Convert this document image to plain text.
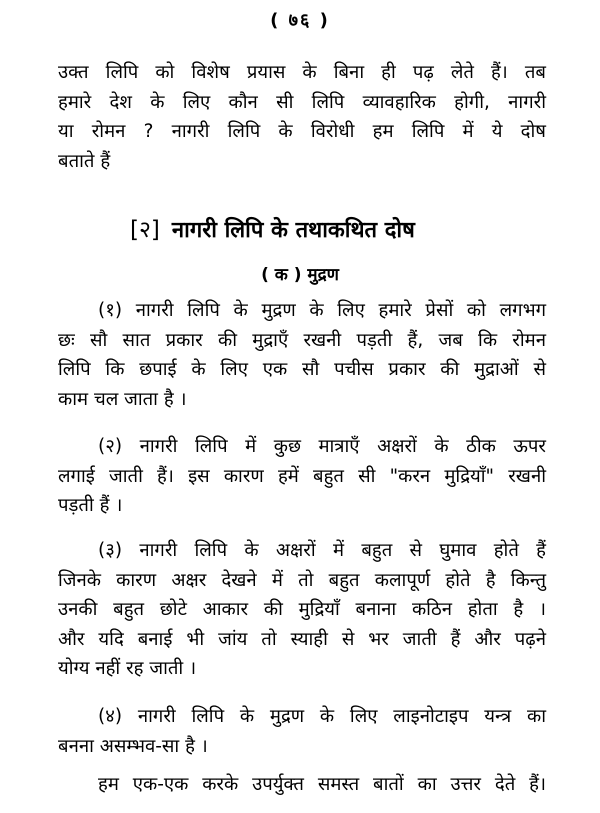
( ७६ )
उक्त लिपि को विशेष प्रयास के बिना ही पढ़ लेते हैं। तब
हमारे देश के लिए कौन सी लिपि व्यावहारिक होगी, नागरी
या रोमन ? नागरी लिपि के विरोधी हम लिपि में ये दोष
बताते हैं
[२] नागरी लिपि के तथाकथित दोष
( क ) मुद्रण
(१) नागरी लिपि के मुद्रण के लिए हमारे प्रेसों को लगभग
छः सौ सात प्रकार की मुद्राएँ रखनी पड़ती हैं, जब कि रोमन
लिपि कि छपाई के लिए एक सौ पचीस प्रकार की मुद्राओं से
काम चल जाता है ।
(२) नागरी लिपि में कुछ मात्राएँ अक्षरों के ठीक ऊपर
लगाई जाती हैं। इस कारण हमें बहुत सी "करन मुद्रियाँ" रखनी
पड़ती हैं ।
(३) नागरी लिपि के अक्षरों में बहुत से घुमाव होते हैं
जिनके कारण अक्षर देखने में तो बहुत कलापूर्ण होते है किन्तु
उनकी बहुत छोटे आकार की मुद्रियाँ बनाना कठिन होता है ।
और यदि बनाई भी जांय तो स्याही से भर जाती हैं और पढ़ने
योग्य नहीं रह जाती ।
(४) नागरी लिपि के मुद्रण के लिए लाइनोटाइप यन्त्र का
बनना असम्भव-सा है ।
हम एक-एक करके उपर्युक्त समस्त बातों का उत्तर देते हैं।
